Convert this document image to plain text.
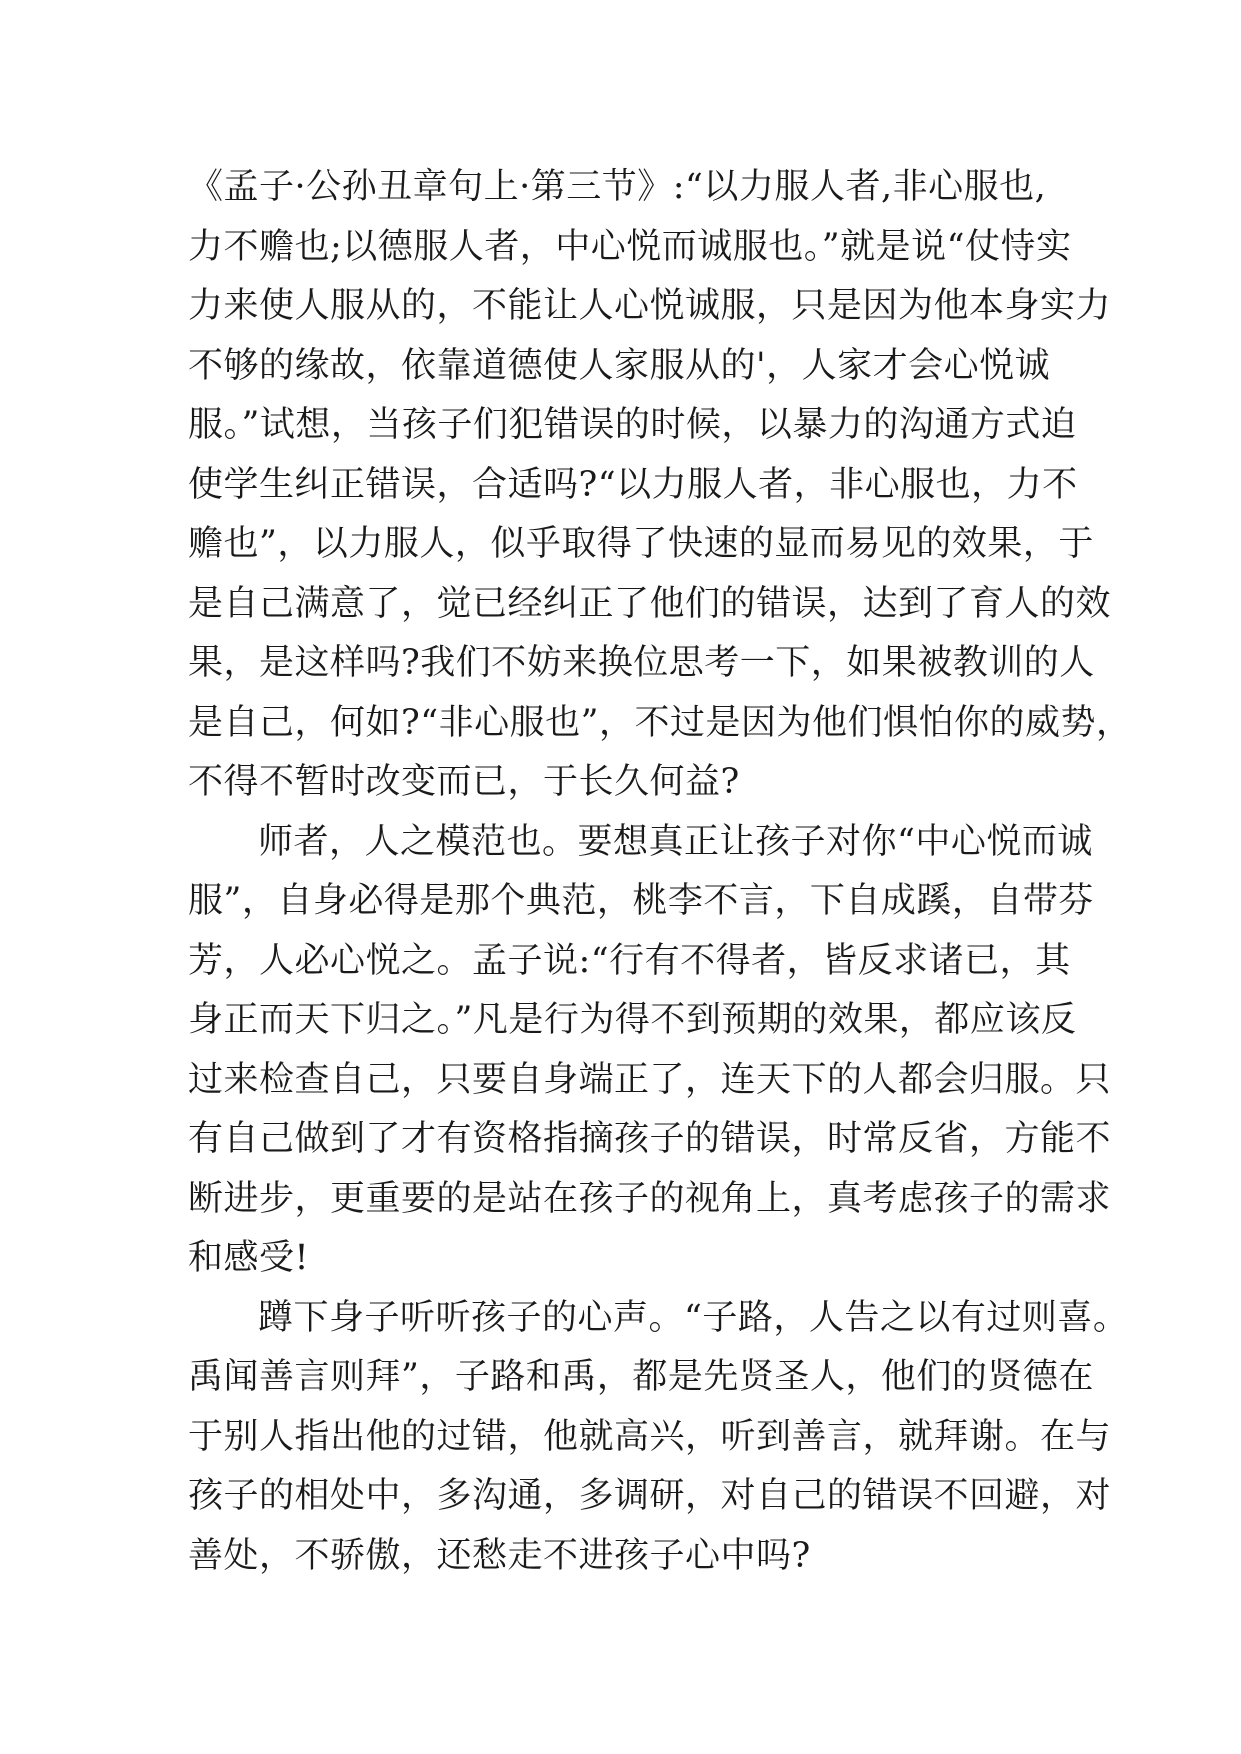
《孟子·公孙丑章句上·第三节》:“以力服人者,非心服也,
力不赡也;以德服人者，中心悦而诚服也。”就是说“仗恃实
力来使人服从的，不能让人心悦诚服，只是因为他本身实力
不够的缘故，依靠道德使人家服从的'，人家才会心悦诚
服。”试想，当孩子们犯错误的时候，以暴力的沟通方式迫
使学生纠正错误，合适吗?“以力服人者，非心服也，力不
赡也”，以力服人，似乎取得了快速的显而易见的效果，于
是自己满意了，觉已经纠正了他们的错误，达到了育人的效
果，是这样吗?我们不妨来换位思考一下，如果被教训的人
是自己，何如?“非心服也”，不过是因为他们惧怕你的威势，
不得不暂时改变而已，于长久何益?
师者，人之模范也。要想真正让孩子对你“中心悦而诚
服”，自身必得是那个典范，桃李不言，下自成蹊，自带芬
芳，人必心悦之。孟子说:“行有不得者，皆反求诸已，其
身正而天下归之。”凡是行为得不到预期的效果，都应该反
过来检查自己，只要自身端正了，连天下的人都会归服。只
有自己做到了才有资格指摘孩子的错误，时常反省，方能不
断进步，更重要的是站在孩子的视角上，真考虑孩子的需求
和感受!
蹲下身子听听孩子的心声。“子路，人告之以有过则喜。
禹闻善言则拜”，子路和禹，都是先贤圣人，他们的贤德在
于别人指出他的过错，他就高兴，听到善言，就拜谢。在与
孩子的相处中，多沟通，多调研，对自己的错误不回避，对
善处，不骄傲，还愁走不进孩子心中吗?
